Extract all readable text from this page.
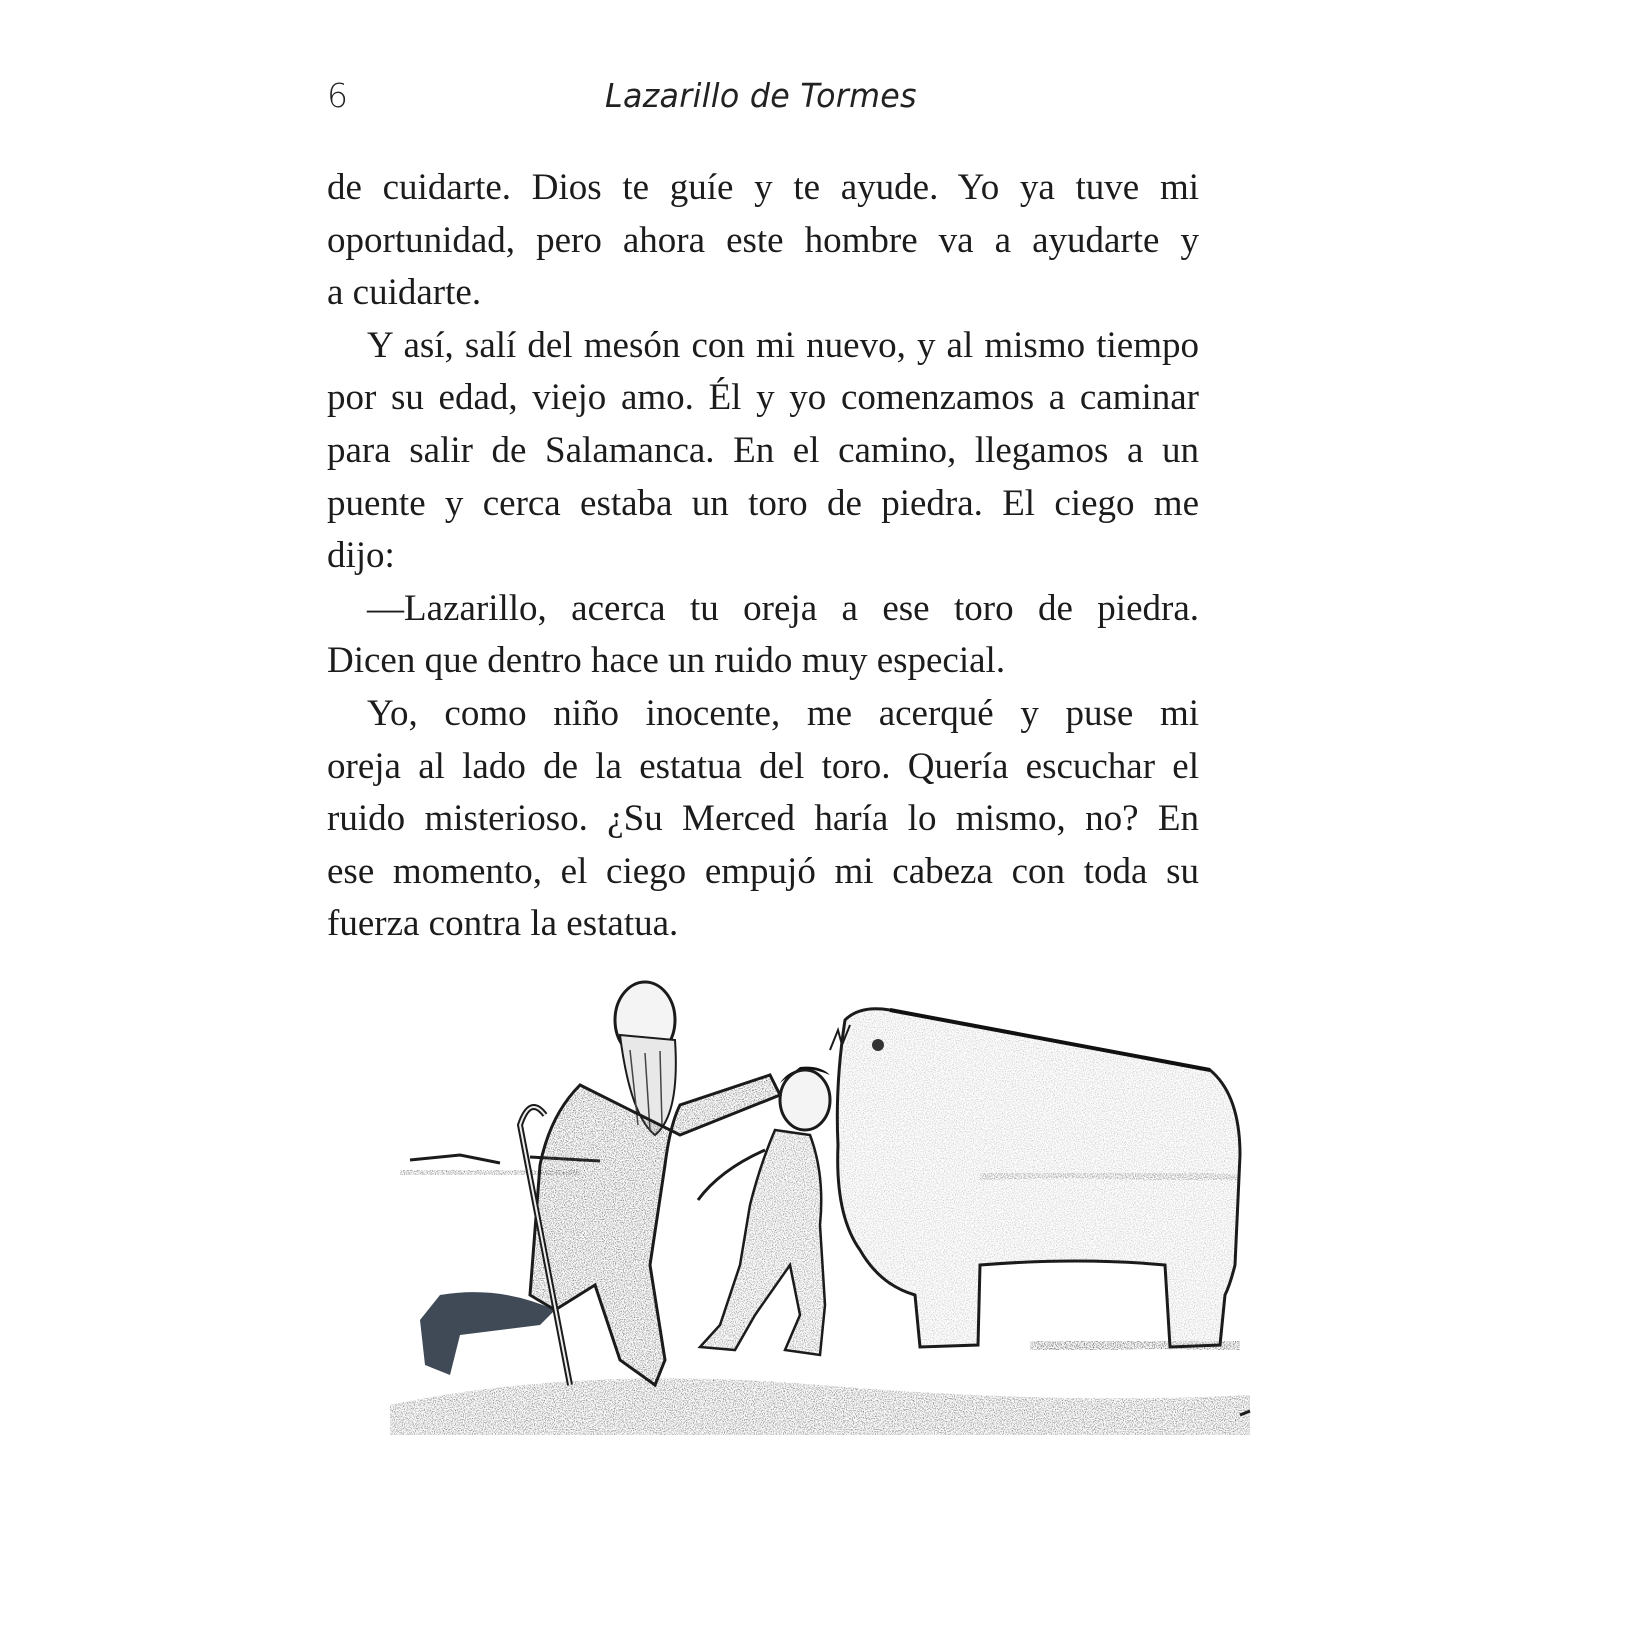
6	Lazarillo de Tormes
de cuidarte. Dios te guíe y te ayude. Yo ya tuve mi
oportunidad, pero ahora este hombre va a ayudarte y
a cuidarte.
Y así, salí del mesón con mi nuevo, y al mismo tiempo
por su edad, viejo amo. Él y yo comenzamos a caminar
para salir de Salamanca. En el camino, llegamos a un
puente y cerca estaba un toro de piedra. El ciego me
dijo:
—Lazarillo, acerca tu oreja a ese toro de piedra.
Dicen que dentro hace un ruido muy especial.
Yo, como niño inocente, me acerqué y puse mi
oreja al lado de la estatua del toro. Quería escuchar el
ruido misterioso. ¿Su Merced haría lo mismo, no? En
ese momento, el ciego empujó mi cabeza con toda su
fuerza contra la estatua.
